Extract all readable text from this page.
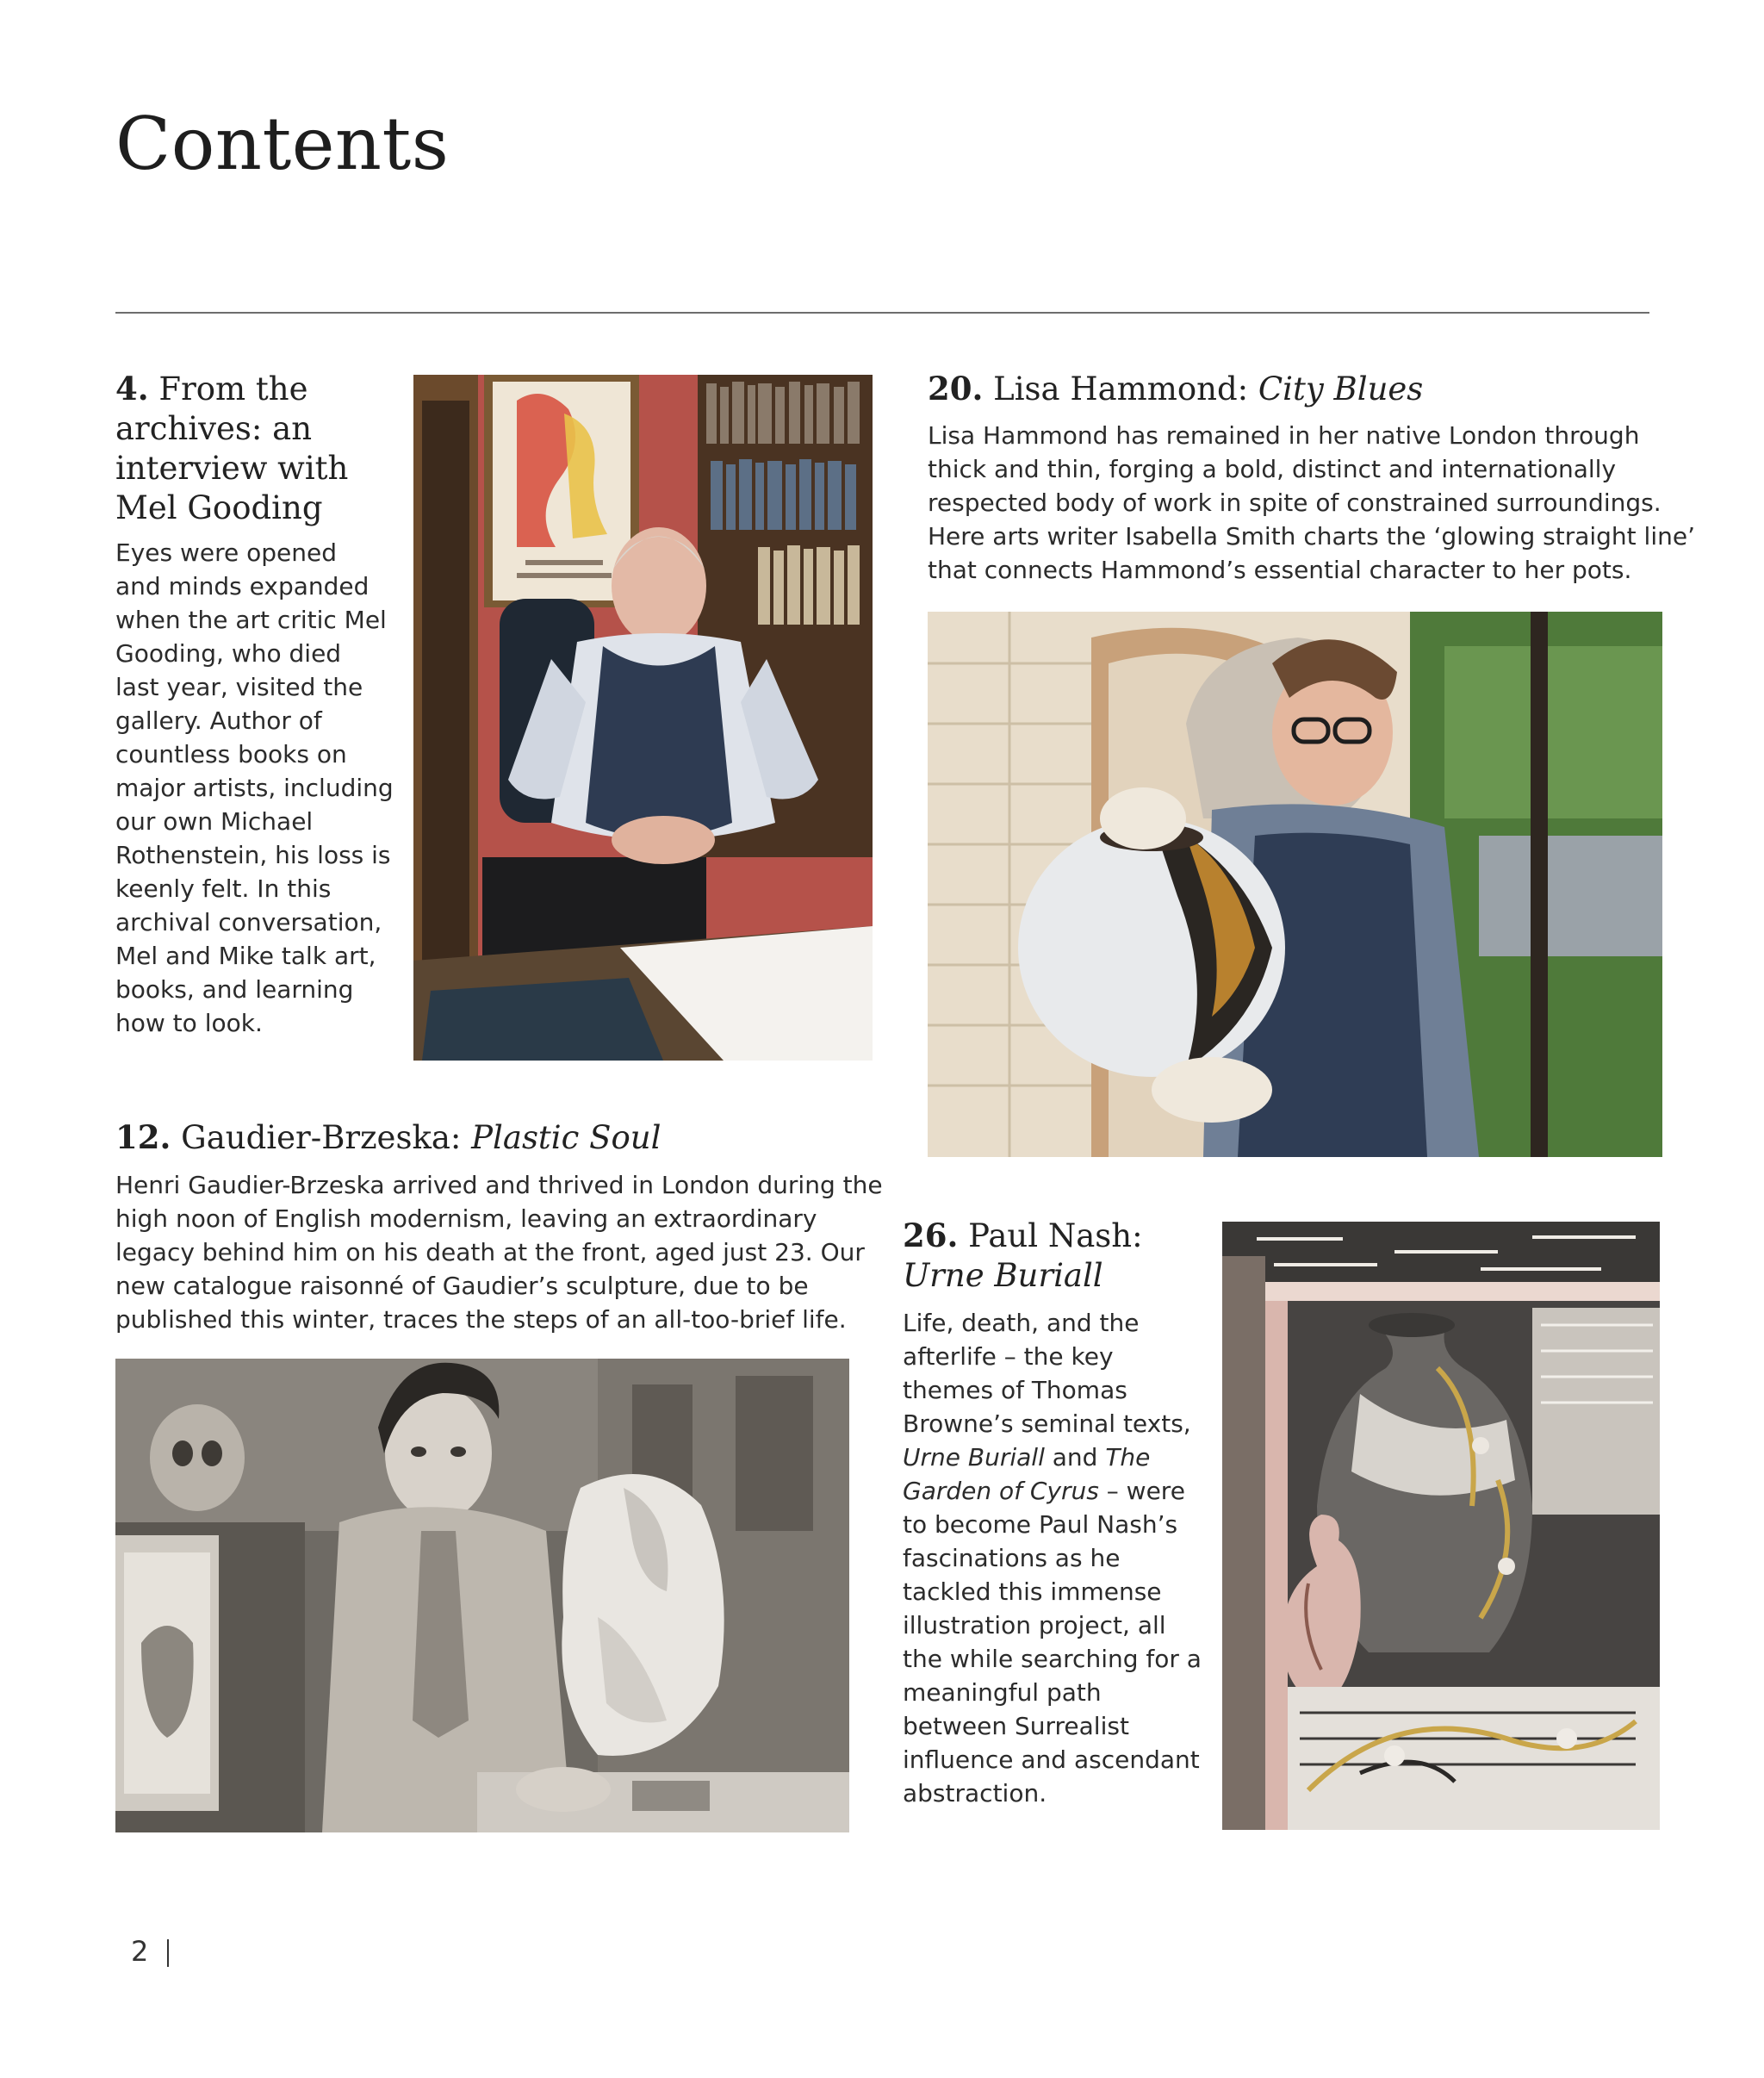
Contents
4. From the
archives: an
interview with
Mel Gooding
Eyes were opened
and minds expanded
when the art critic Mel
Gooding, who died
last year, visited the
gallery. Author of
countless books on
major artists, including
our own Michael
Rothenstein, his loss is
keenly felt. In this
archival conversation,
Mel and Mike talk art,
books, and learning
how to look.
20. Lisa Hammond: City Blues
Lisa Hammond has remained in her native London through
thick and thin, forging a bold, distinct and internationally
respected body of work in spite of constrained surroundings.
Here arts writer Isabella Smith charts the ‘glowing straight line’
that connects Hammond’s essential character to her pots.
12. Gaudier-Brzeska: Plastic Soul
Henri Gaudier-Brzeska arrived and thrived in London during the
high noon of English modernism, leaving an extraordinary
legacy behind him on his death at the front, aged just 23. Our
new catalogue raisonné of Gaudier’s sculpture, due to be
published this winter, traces the steps of an all-too-brief life.
26. Paul Nash:
Urne Buriall
Life, death, and the
afterlife – the key
themes of Thomas
Browne’s seminal texts,
Urne Buriall and The
Garden of Cyrus – were
to become Paul Nash’s
fascinations as he
tackled this immense
illustration project, all
the while searching for a
meaningful path
between Surrealist
influence and ascendant
abstraction.
2
